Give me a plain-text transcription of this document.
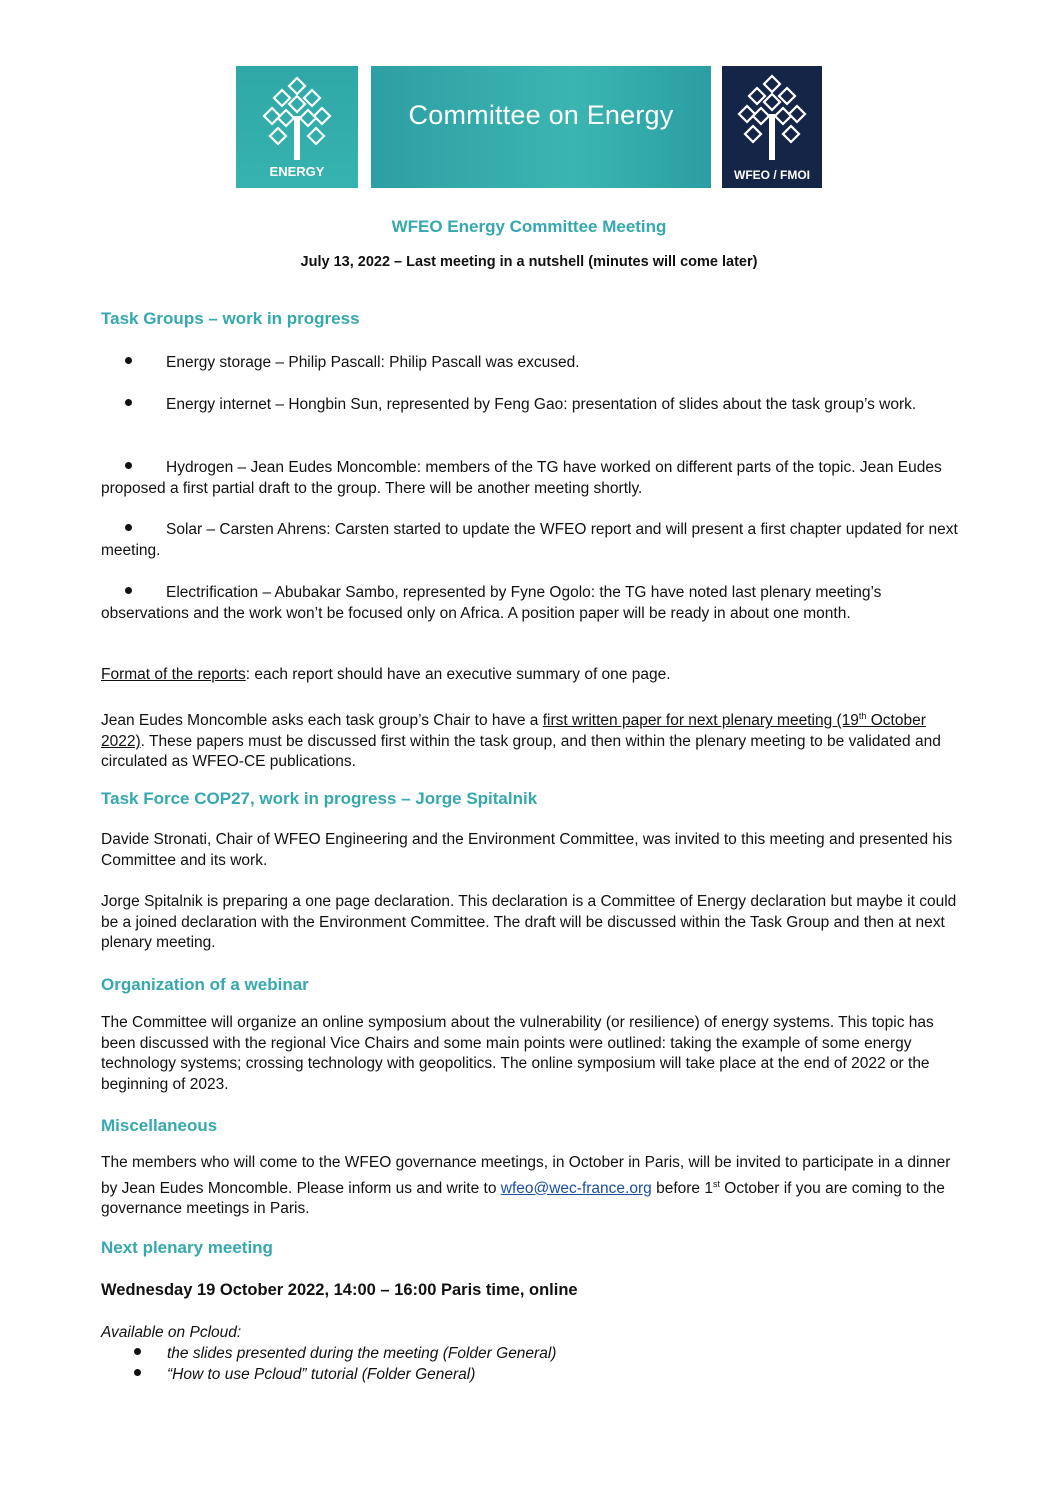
ENERGY
Committee on Energy
WFEO / FMOI
WFEO Energy Committee Meeting
July 13, 2022 – Last meeting in a nutshell (minutes will come later)
Task Groups – work in progress
Energy storage – Philip Pascall: Philip Pascall was excused.
Energy internet – Hongbin Sun, represented by Feng Gao: presentation of slides about the task group’s work.
Hydrogen – Jean Eudes Moncomble: members of the TG have worked on different parts of the topic. Jean Eudes proposed a first partial draft to the group. There will be another meeting shortly.
Solar – Carsten Ahrens: Carsten started to update the WFEO report and will present a first chapter updated for next meeting.
Electrification – Abubakar Sambo, represented by Fyne Ogolo: the TG have noted last plenary meeting’s observations and the work won’t be focused only on Africa. A position paper will be ready in about one month.
Format of the reports: each report should have an executive summary of one page.
Jean Eudes Moncomble asks each task group’s Chair to have a first written paper for next plenary meeting (19th October 2022). These papers must be discussed first within the task group, and then within the plenary meeting to be validated and circulated as WFEO-CE publications.
Task Force COP27, work in progress – Jorge Spitalnik
Davide Stronati, Chair of WFEO Engineering and the Environment Committee, was invited to this meeting and presented his Committee and its work.
Jorge Spitalnik is preparing a one page declaration. This declaration is a Committee of Energy declaration but maybe it could be a joined declaration with the Environment Committee. The draft will be discussed within the Task Group and then at next plenary meeting.
Organization of a webinar
The Committee will organize an online symposium about the vulnerability (or resilience) of energy systems. This topic has been discussed with the regional Vice Chairs and some main points were outlined: taking the example of some energy technology systems; crossing technology with geopolitics. The online symposium will take place at the end of 2022 or the beginning of 2023.
Miscellaneous
The members who will come to the WFEO governance meetings, in October in Paris, will be invited to participate in a dinner by Jean Eudes Moncomble. Please inform us and write to wfeo@wec-france.org before 1st October if you are coming to the governance meetings in Paris.
Next plenary meeting
Wednesday 19 October 2022, 14:00 – 16:00 Paris time, online
Available on Pcloud:
the slides presented during the meeting (Folder General)
“How to use Pcloud” tutorial (Folder General)
